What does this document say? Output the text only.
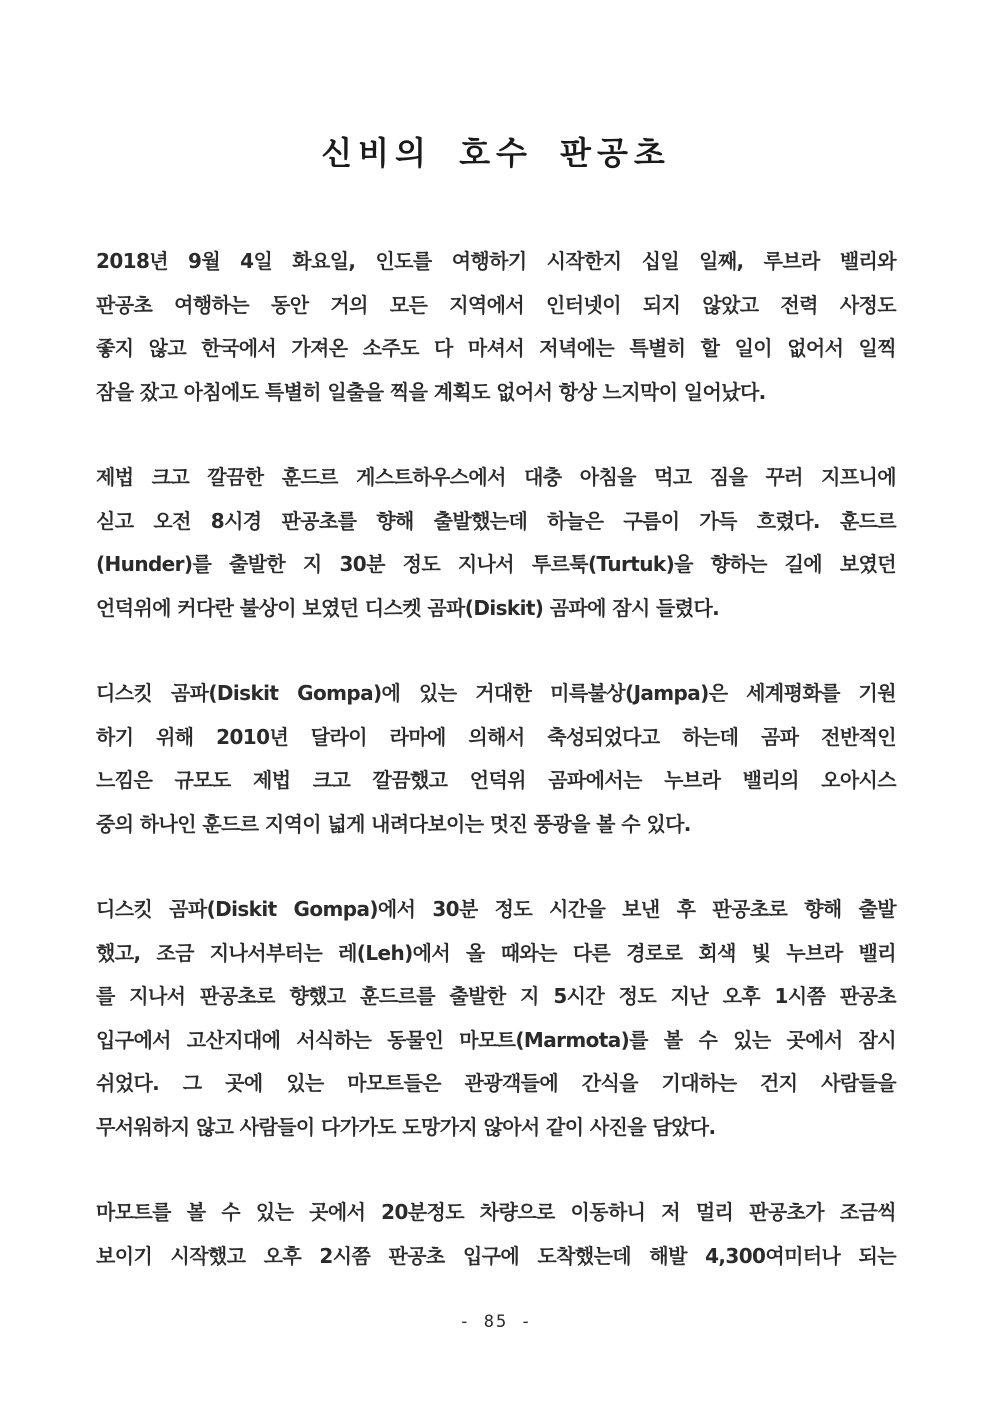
신비의 호수 판공초

2018년 9월 4일 화요일, 인도를 여행하기 시작한지 십일 일째, 루브라 밸리와
판공초 여행하는 동안 거의 모든 지역에서 인터넷이 되지 않았고 전력 사정도
좋지 않고 한국에서 가져온 소주도 다 마셔서 저녁에는 특별히 할 일이 없어서 일찍
잠을 잤고 아침에도 특별히 일출을 찍을 계획도 없어서 항상 느지막이 일어났다.

제법 크고 깔끔한 훈드르 게스트하우스에서 대충 아침을 먹고 짐을 꾸러 지프니에
싣고 오전 8시경 판공초를 향해 출발했는데 하늘은 구름이 가득 흐렸다. 훈드르
(Hunder)를 출발한 지 30분 정도 지나서 투르툭(Turtuk)을 향하는 길에 보였던
언덕위에 커다란 불상이 보였던 디스켓 곰파(Diskit) 곰파에 잠시 들렸다.

디스킷 곰파(Diskit Gompa)에 있는 거대한 미륵불상(Jampa)은 세계평화를 기원
하기 위해 2010년 달라이 라마에 의해서 축성되었다고 하는데 곰파 전반적인
느낌은 규모도 제법 크고 깔끔했고 언덕위 곰파에서는 누브라 밸리의 오아시스
중의 하나인 훈드르 지역이 넓게 내려다보이는 멋진 풍광을 볼 수 있다.

디스킷 곰파(Diskit Gompa)에서 30분 정도 시간을 보낸 후 판공초로 향해 출발
했고, 조금 지나서부터는 레(Leh)에서 올 때와는 다른 경로로 회색 빛 누브라 밸리
를 지나서 판공초로 향했고 훈드르를 출발한 지 5시간 정도 지난 오후 1시쯤 판공초
입구에서 고산지대에 서식하는 동물인 마모트(Marmota)를 볼 수 있는 곳에서 잠시
쉬었다. 그 곳에 있는 마모트들은 관광객들에 간식을 기대하는 건지 사람들을
무서워하지 않고 사람들이 다가가도 도망가지 않아서 같이 사진을 담았다.

마모트를 볼 수 있는 곳에서 20분정도 차량으로 이동하니 저 멀리 판공초가 조금씩
보이기 시작했고 오후 2시쯤 판공초 입구에 도착했는데 해발 4,300여미터나 되는

- 85 -
